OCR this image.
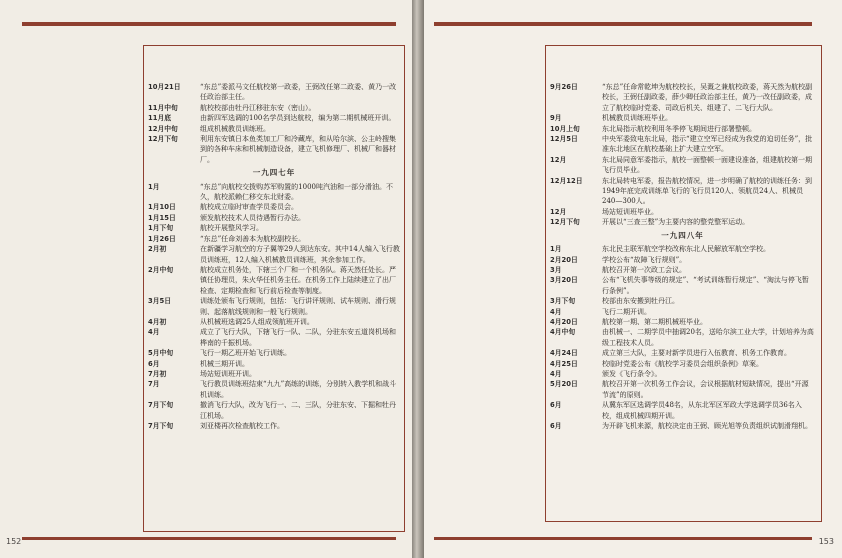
10月21日	“东总”委派马文任航校第一政委，王弼改任第二政委、黄乃一改任政治部主任。
11月中旬	航校校部由牡丹江移驻东安（密山）。
11月底	由新四军选调的100名学员到达航校，编为第二期机械班开训。
12月中旬	组成机械教员训练班。
12月下旬	利用东安镇日本鱼类加工厂和冷藏库，和从哈尔滨、公主岭搜集到的各种车床和机械制造设备，建立飞机修理厂、机械厂和器材厂。
一九四七年
1月	“东总”向航校交拨购苏军购置的1000吨汽油和一部分滑油。不久，航校派赖仁移交东北财委。
1月10日	航校成立临时审查学员委员会。
1月15日	颁发航校技术人员待遇暂行办法。
1月下旬	航校开展整风学习。
1月26日	“东总”任命刘善本为航校副校长。
2月初	在新疆学习航空的方子翼等29人到达东安。其中14人编入飞行教员训练班，12人编入机械教员训练班，其余参加工作。
2月中旬	航校成立机务处，下辖三个厂和一个机务队。蒋天然任处长。严镇任协理员，朱火华任机务主任。在机务工作上陆续建立了出厂检查、定期检查和飞行前后检查等制度。
3月5日	训练处颁布飞行规则，包括：飞行讲评规则、试车规则、滑行规则、起落航线规则和一般飞行规则。
4月初	从机械班选调25人组成领航班开训。
4月	成立了飞行大队，下辖飞行一队、二队，分驻东安五道岗机场和桦南的千振机场。
5月中旬	飞行一期乙班开始飞行训练。
6月	机械三期开训。
7月初	场站短训班开训。
7月	飞行教员训练班结束“九九”高练的训练，分别转入教学机和战斗机训练。
7月下旬	撤消飞行大队，改为飞行一、二、三队，分驻东安、下掘和牡丹江机场。
7月下旬	刘亚楼再次检查航校工作。
152
9月26日	“东总”任命常乾坤为航校校长，吴溉之兼航校政委，蒋天然为航校副校长，王弼任副政委，薛少卿任政治部主任，黄乃一改任副政委，成立了航校临时党委、司政后机关、组建了、二飞行大队。
9月	机械教员训练班毕业。
10月上旬	东北局指示航校利用冬季停飞期间进行部署整顿。
12月5日	中央军委致电东北局，指示“建立空军已经成为我党的迫切任务”，批准东北地区在航校基础上扩大建立空军。
12月	东北局同意军委指示，航校一面整顿一面建设准备，组建航校第一期飞行员毕业。
12月12日	东北局转电军委，报告航校情况，进一步明确了航校的训练任务：到1949年底完成训练单飞行的飞行员120人、领航员24人、机械员240—300人。
12月	场站短训班毕业。
12月下旬	开展以“三查三整”为主要内容的整党整军运动。
一九四八年
1月	东北民主联军航空学校改称东北人民解放军航空学校。
2月20日	学校公布“故障飞行规则”。
3月	航校召开第一次政工会议。
3月20日	公布“飞机失事等级的规定”、“考试训练暂行规定”、“淘汰与停飞暂行条例”。
3月下旬	校部由东安搬到牡丹江。
4月	飞行二期开训。
4月20日	航校第一期、第二期机械班毕业。
4月中旬	由机械一、二期学员中抽调20名，送哈尔滨工业大学，计划培养为高级工程技术人员。
4月24日	成立第三大队，主要对新学员进行入伍教育、机务工作教育。
4月25日	校临时党委公布《航校学习委员会组织条例》草案。
4月	颁发《飞行条令》。
5月20日	航校召开第一次机务工作会议，会议根据航材短缺情况，提出“开源节流”的原则。
6月	从冀东军区选调学员48名，从东北军区军政大学选调学员36名入校，组成机械四期开训。
6月	为开辟飞机来源，航校决定由王弼、顾光旭等负责组织试制滑翔机。
153
